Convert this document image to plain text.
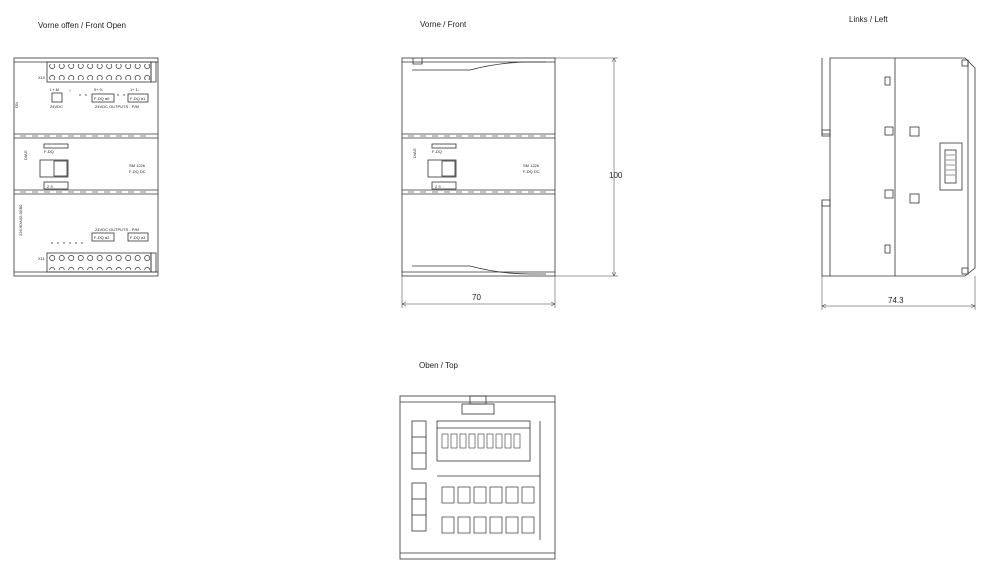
Vorne offen / Front Open	Vorne / Front
Links / Left
Oben / Top
X10
ON
L+ M
24VDC
⏚	0+ 0-	1+ 1-
F-DQ a0	F-DQ a1
24VDC OUTPUTS - P/M
DIAG	F-DQ
SM 1226
F-DQ DC
2 3
226-6DA32-0XB0	24VDC OUTPUTS - P/M
F-DQ a2	F-DQ a3
X11
DIAG	F-DQ
SM 1226
F-DQ DC
2 3
100
70	74.3
